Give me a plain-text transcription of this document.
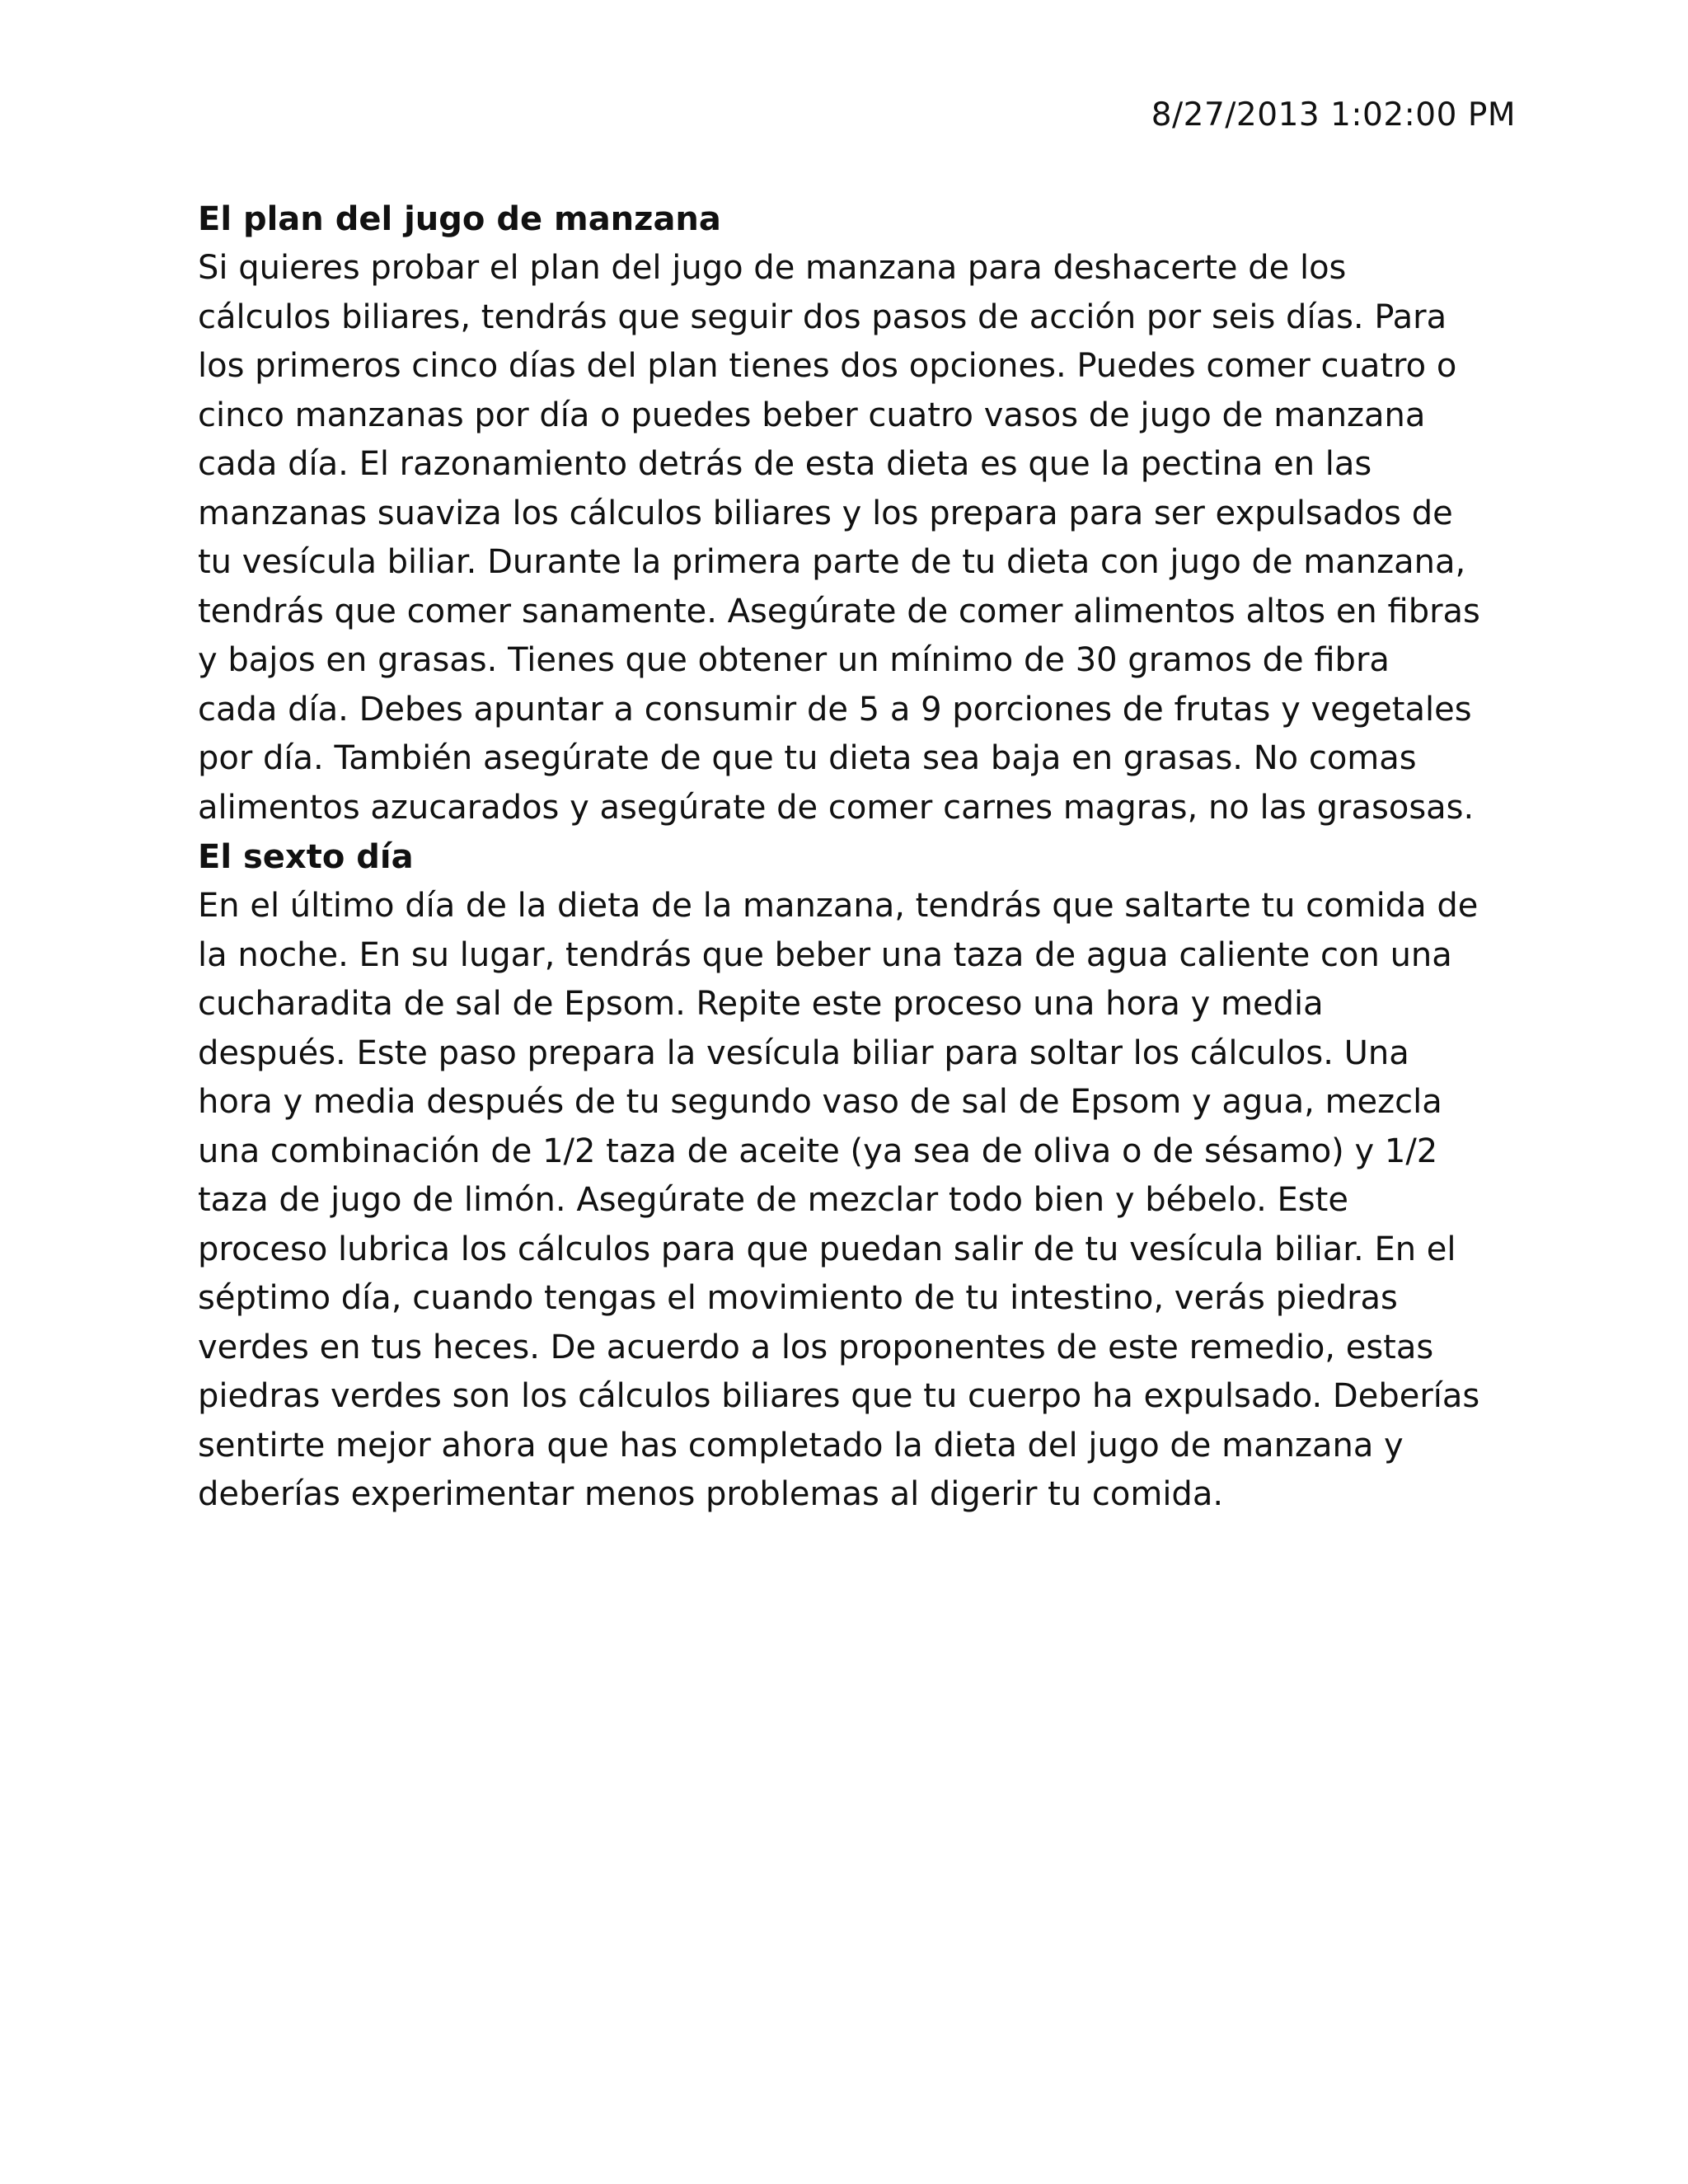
8/27/2013 1:02:00 PM
El plan del jugo de manzana

Si quieres probar el plan del jugo de manzana para deshacerte de los
cálculos biliares, tendrás que seguir dos pasos de acción por seis días. Para
los primeros cinco días del plan tienes dos opciones. Puedes comer cuatro o
cinco manzanas por día o puedes beber cuatro vasos de jugo de manzana
cada día. El razonamiento detrás de esta dieta es que la pectina en las
manzanas suaviza los cálculos biliares y los prepara para ser expulsados de
tu vesícula biliar. Durante la primera parte de tu dieta con jugo de manzana,
tendrás que comer sanamente. Asegúrate de comer alimentos altos en fibras
y bajos en grasas. Tienes que obtener un mínimo de 30 gramos de fibra
cada día. Debes apuntar a consumir de 5 a 9 porciones de frutas y vegetales
por día. También asegúrate de que tu dieta sea baja en grasas. No comas
alimentos azucarados y asegúrate de comer carnes magras, no las grasosas.

El sexto día

En el último día de la dieta de la manzana, tendrás que saltarte tu comida de
la noche. En su lugar, tendrás que beber una taza de agua caliente con una
cucharadita de sal de Epsom. Repite este proceso una hora y media
después. Este paso prepara la vesícula biliar para soltar los cálculos. Una
hora y media después de tu segundo vaso de sal de Epsom y agua, mezcla
una combinación de 1/2 taza de aceite (ya sea de oliva o de sésamo) y 1/2
taza de jugo de limón. Asegúrate de mezclar todo bien y bébelo. Este
proceso lubrica los cálculos para que puedan salir de tu vesícula biliar. En el
séptimo día, cuando tengas el movimiento de tu intestino, verás piedras
verdes en tus heces. De acuerdo a los proponentes de este remedio, estas
piedras verdes son los cálculos biliares que tu cuerpo ha expulsado. Deberías
sentirte mejor ahora que has completado la dieta del jugo de manzana y
deberías experimentar menos problemas al digerir tu comida.
